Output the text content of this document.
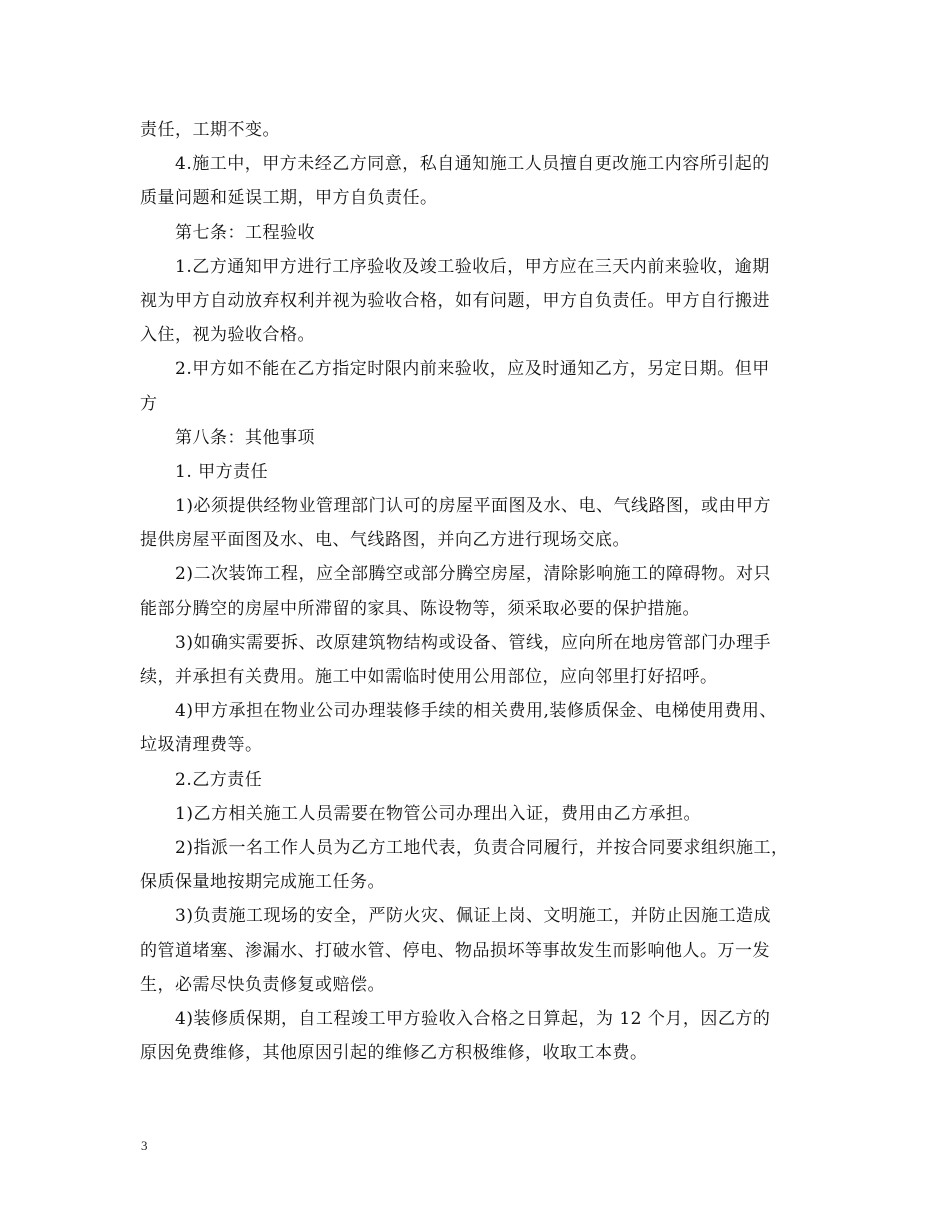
责任，工期不变。
4.施工中，甲方未经乙方同意，私自通知施工人员擅自更改施工内容所引起的
质量问题和延误工期，甲方自负责任。
第七条：工程验收
1.乙方通知甲方进行工序验收及竣工验收后，甲方应在三天内前来验收，逾期
视为甲方自动放弃权利并视为验收合格，如有问题，甲方自负责任。甲方自行搬进
入住，视为验收合格。
2.甲方如不能在乙方指定时限内前来验收，应及时通知乙方，另定日期。但甲
方
第八条：其他事项
1. 甲方责任
1)必须提供经物业管理部门认可的房屋平面图及水、电、气线路图，或由甲方
提供房屋平面图及水、电、气线路图，并向乙方进行现场交底。
2)二次装饰工程，应全部腾空或部分腾空房屋，清除影响施工的障碍物。对只
能部分腾空的房屋中所滞留的家具、陈设物等，须采取必要的保护措施。
3)如确实需要拆、改原建筑物结构或设备、管线，应向所在地房管部门办理手
续，并承担有关费用。施工中如需临时使用公用部位，应向邻里打好招呼。
4)甲方承担在物业公司办理装修手续的相关费用,装修质保金、电梯使用费用、
垃圾清理费等。
2.乙方责任
1)乙方相关施工人员需要在物管公司办理出入证，费用由乙方承担。
2)指派一名工作人员为乙方工地代表，负责合同履行，并按合同要求组织施工，
保质保量地按期完成施工任务。
3)负责施工现场的安全，严防火灾、佩证上岗、文明施工，并防止因施工造成
的管道堵塞、渗漏水、打破水管、停电、物品损坏等事故发生而影响他人。万一发
生，必需尽快负责修复或赔偿。
4)装修质保期，自工程竣工甲方验收入合格之日算起，为 12 个月，因乙方的
原因免费维修，其他原因引起的维修乙方积极维修，收取工本费。
3
